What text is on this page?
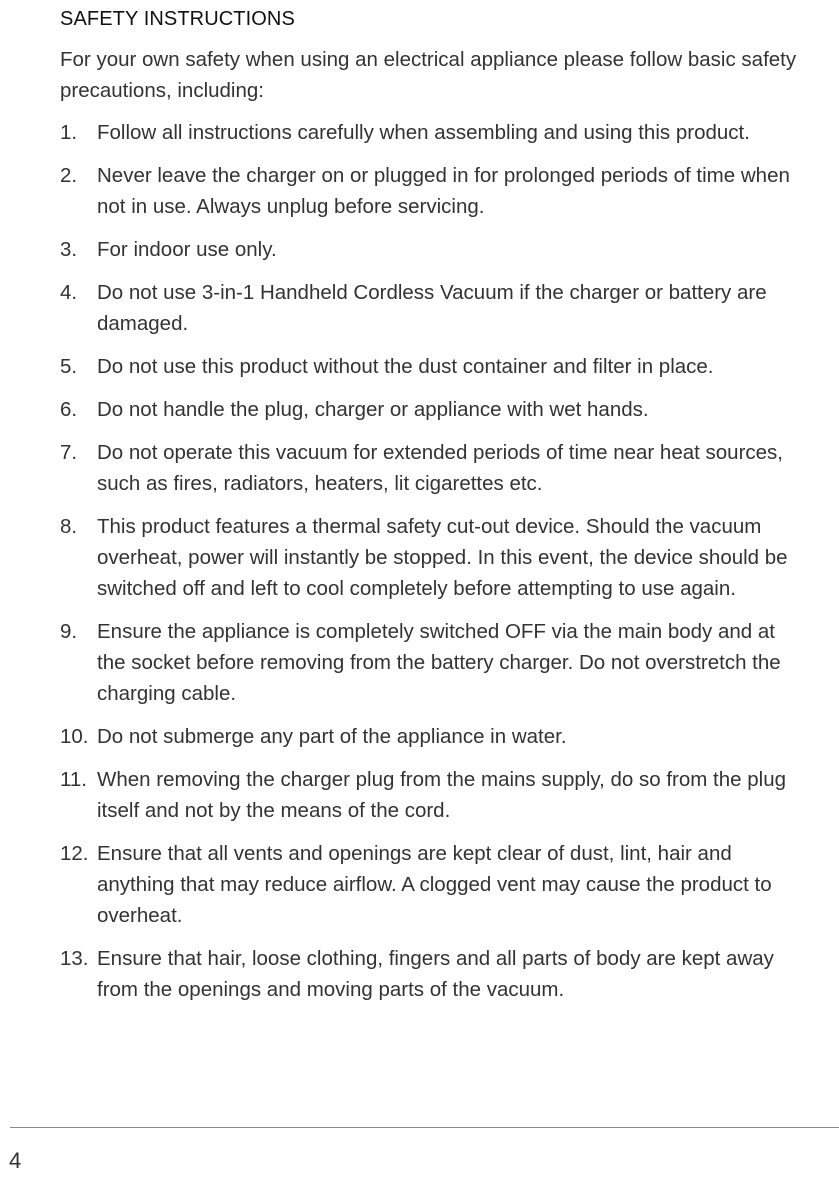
SAFETY INSTRUCTIONS

For your own safety when using an electrical appliance please follow basic safety precautions, including:

1. Follow all instructions carefully when assembling and using this product.
2. Never leave the charger on or plugged in for prolonged periods of time when not in use. Always unplug before servicing.
3. For indoor use only.
4. Do not use 3-in-1 Handheld Cordless Vacuum if the charger or battery are damaged.
5. Do not use this product without the dust container and filter in place.
6. Do not handle the plug, charger or appliance with wet hands.
7. Do not operate this vacuum for extended periods of time near heat sources, such as fires, radiators, heaters, lit cigarettes etc.
8. This product features a thermal safety cut-out device. Should the vacuum overheat, power will instantly be stopped. In this event, the device should be switched off and left to cool completely before attempting to use again.
9. Ensure the appliance is completely switched OFF via the main body and at the socket before removing from the battery charger. Do not overstretch the charging cable.
10. Do not submerge any part of the appliance in water.
11. When removing the charger plug from the mains supply, do so from the plug itself and not by the means of the cord.
12. Ensure that all vents and openings are kept clear of dust, lint, hair and anything that may reduce airflow. A clogged vent may cause the product to overheat.
13. Ensure that hair, loose clothing, fingers and all parts of body are kept away from the openings and moving parts of the vacuum.
4
